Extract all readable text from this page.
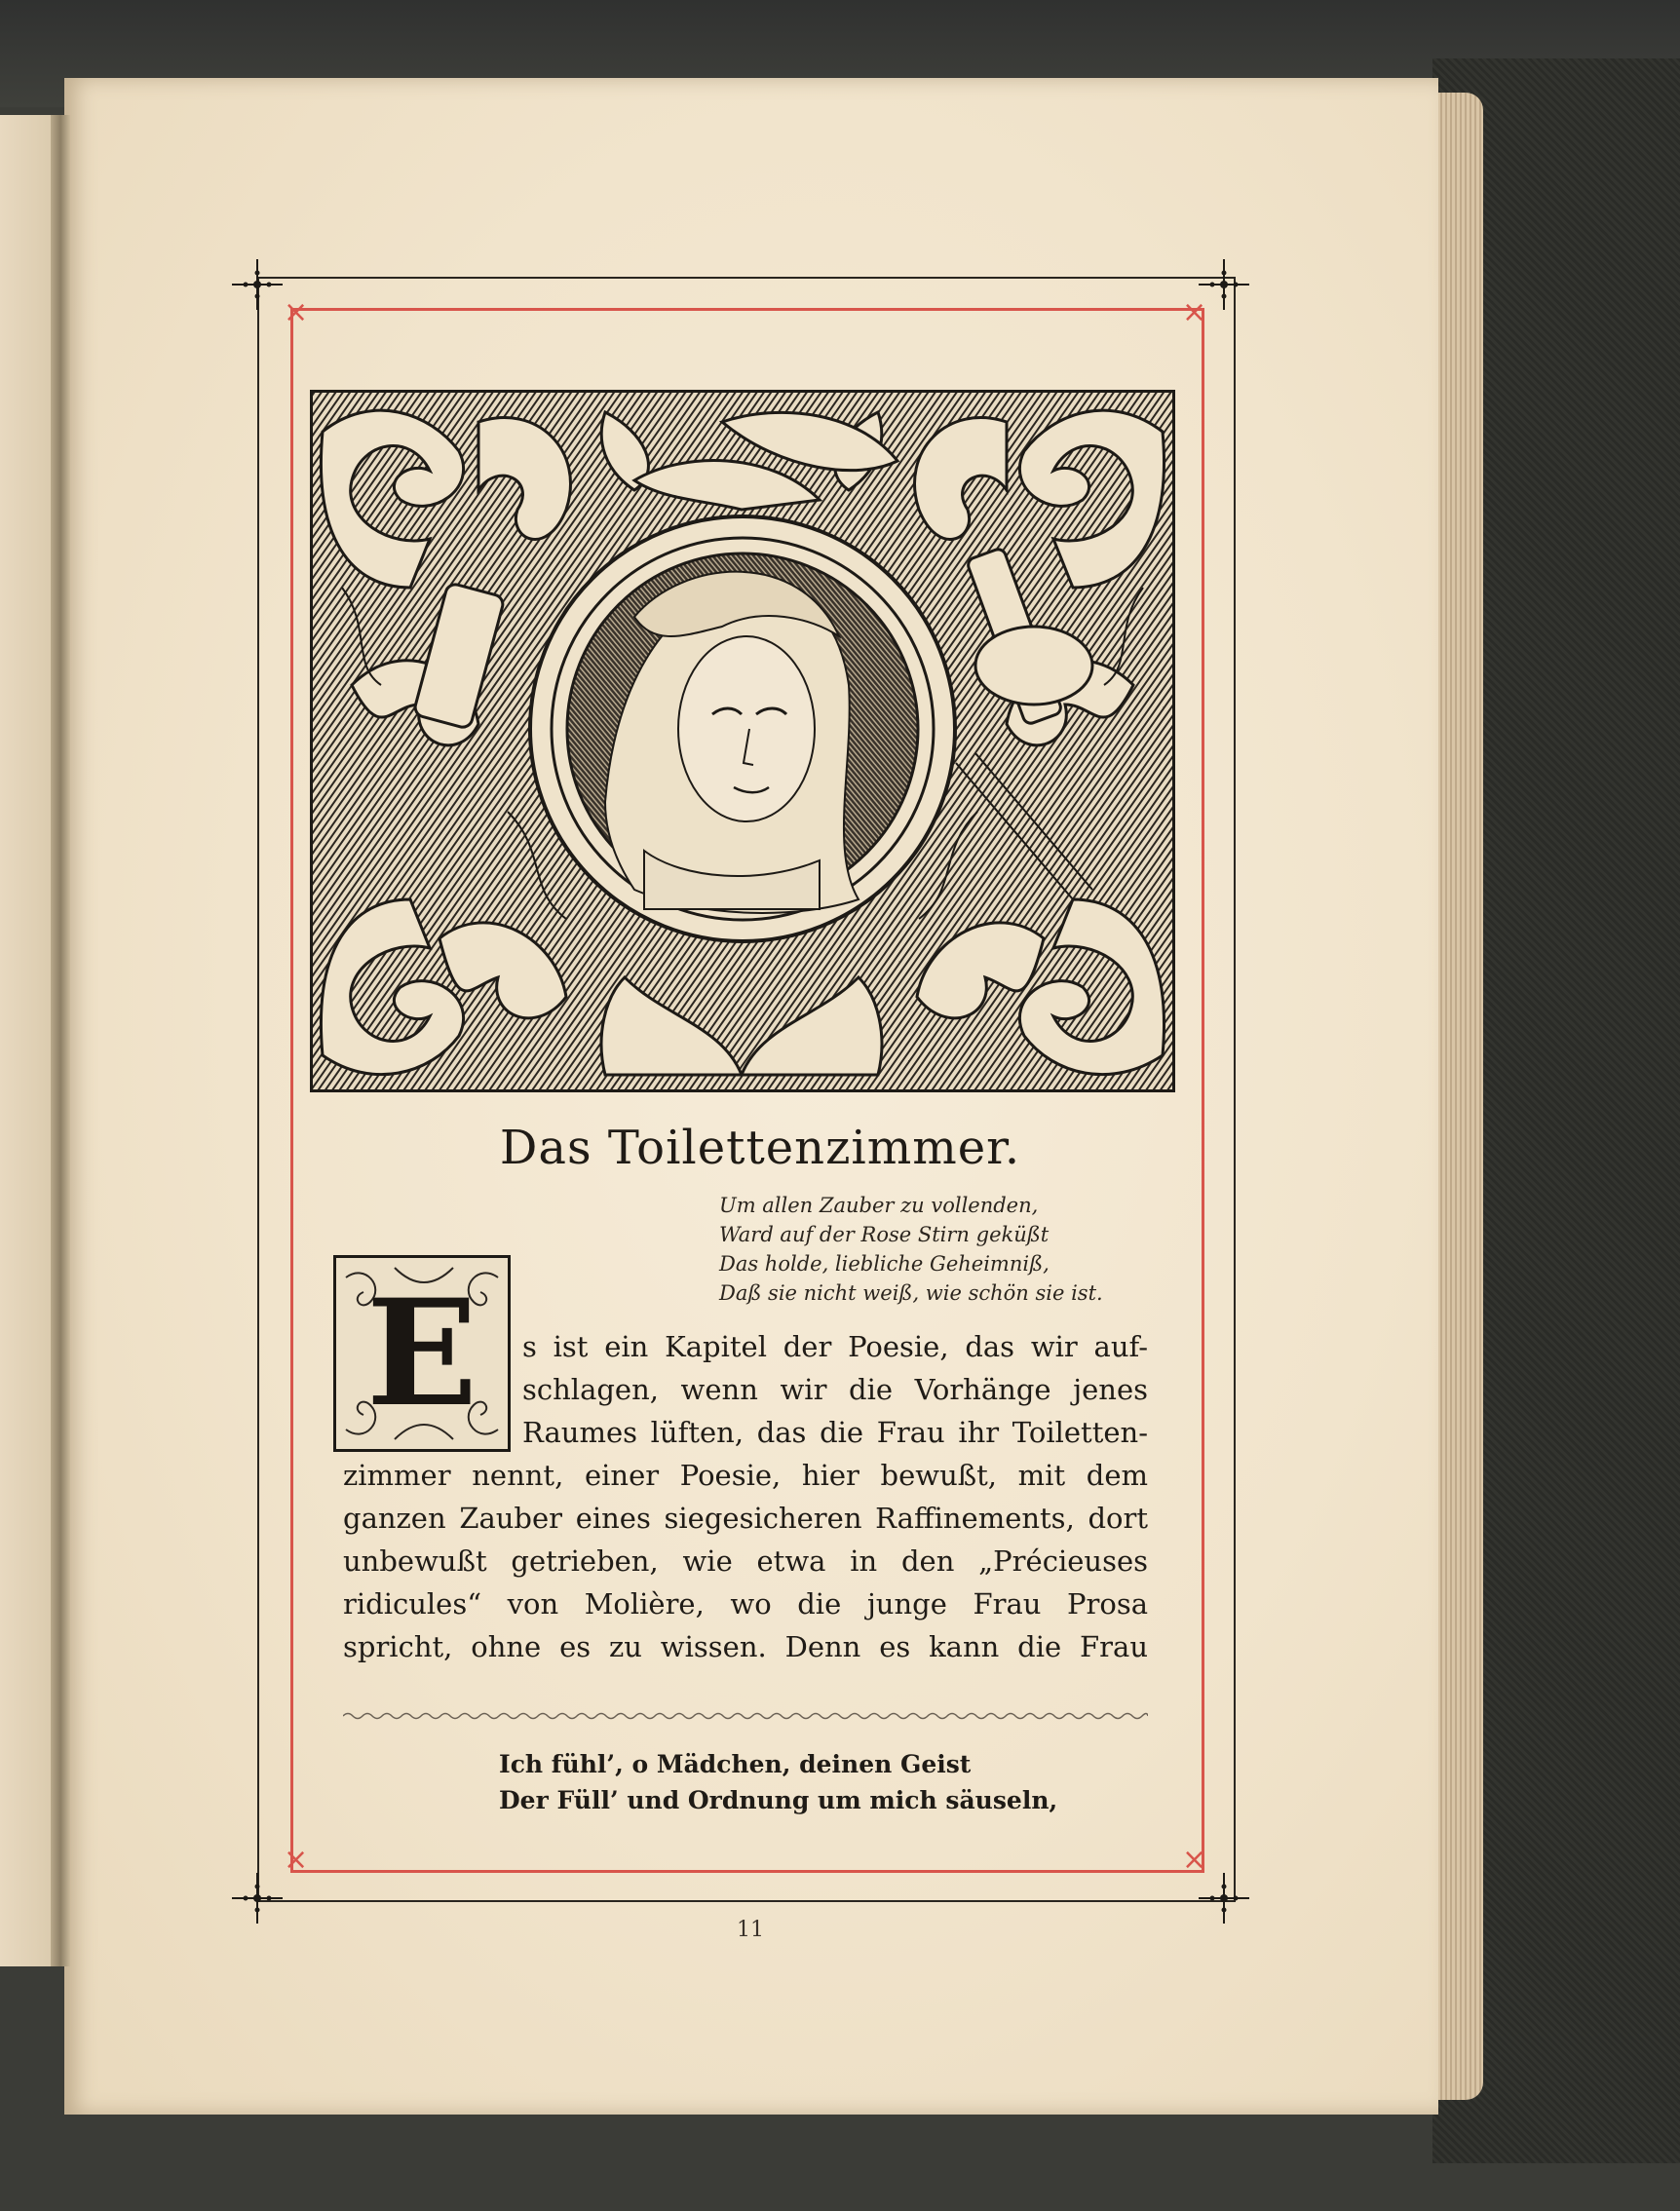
×	×
×	×
Das Toilettenzimmer.
Um allen Zauber zu vollenden,
Ward auf der Rose Stirn geküßt
Das holde, liebliche Geheimniß,
Daß sie nicht weiß, wie schön sie ist.
E	s ist ein Kapitel der Poesie, das wir auf-
schlagen, wenn wir die Vorhänge jenes
Raumes lüften, das die Frau ihr Toiletten-
zimmer nennt, einer Poesie, hier bewußt, mit dem
ganzen Zauber eines siegesicheren Raffinements, dort
unbewußt getrieben, wie etwa in den „Précieuses
ridicules“ von Molière, wo die junge Frau Prosa
spricht, ohne es zu wissen. Denn es kann die Frau
Ich fühl’, o Mädchen, deinen Geist
Der Füll’ und Ordnung um mich säuseln,
11
